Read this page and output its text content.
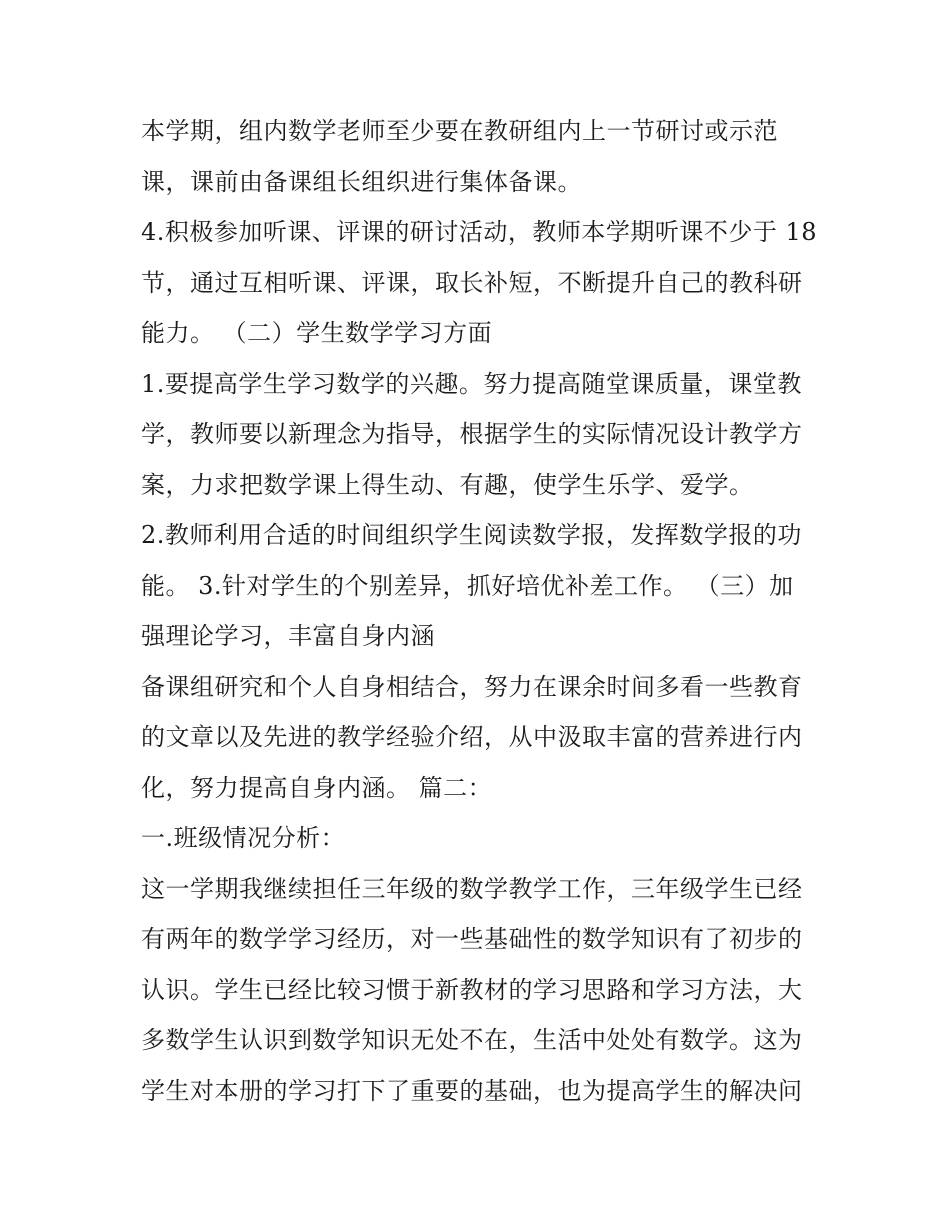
本学期，组内数学老师至少要在教研组内上一节研讨或示范
课，课前由备课组长组织进行集体备课。
4.积极参加听课、评课的研讨活动，教师本学期听课不少于 18
节，通过互相听课、评课，取长补短，不断提升自己的教科研
能力。 （二）学生数学学习方面
1.要提高学生学习数学的兴趣。努力提高随堂课质量，课堂教
学，教师要以新理念为指导，根据学生的实际情况设计教学方
案，力求把数学课上得生动、有趣，使学生乐学、爱学。
2.教师利用合适的时间组织学生阅读数学报，发挥数学报的功
能。 3.针对学生的个别差异，抓好培优补差工作。 （三）加
强理论学习，丰富自身内涵
备课组研究和个人自身相结合，努力在课余时间多看一些教育
的文章以及先进的教学经验介绍，从中汲取丰富的营养进行内
化，努力提高自身内涵。 篇二：
一.班级情况分析：
这一学期我继续担任三年级的数学教学工作，三年级学生已经
有两年的数学学习经历，对一些基础性的数学知识有了初步的
认识。学生已经比较习惯于新教材的学习思路和学习方法，大
多数学生认识到数学知识无处不在，生活中处处有数学。这为
学生对本册的学习打下了重要的基础，也为提高学生的解决问
